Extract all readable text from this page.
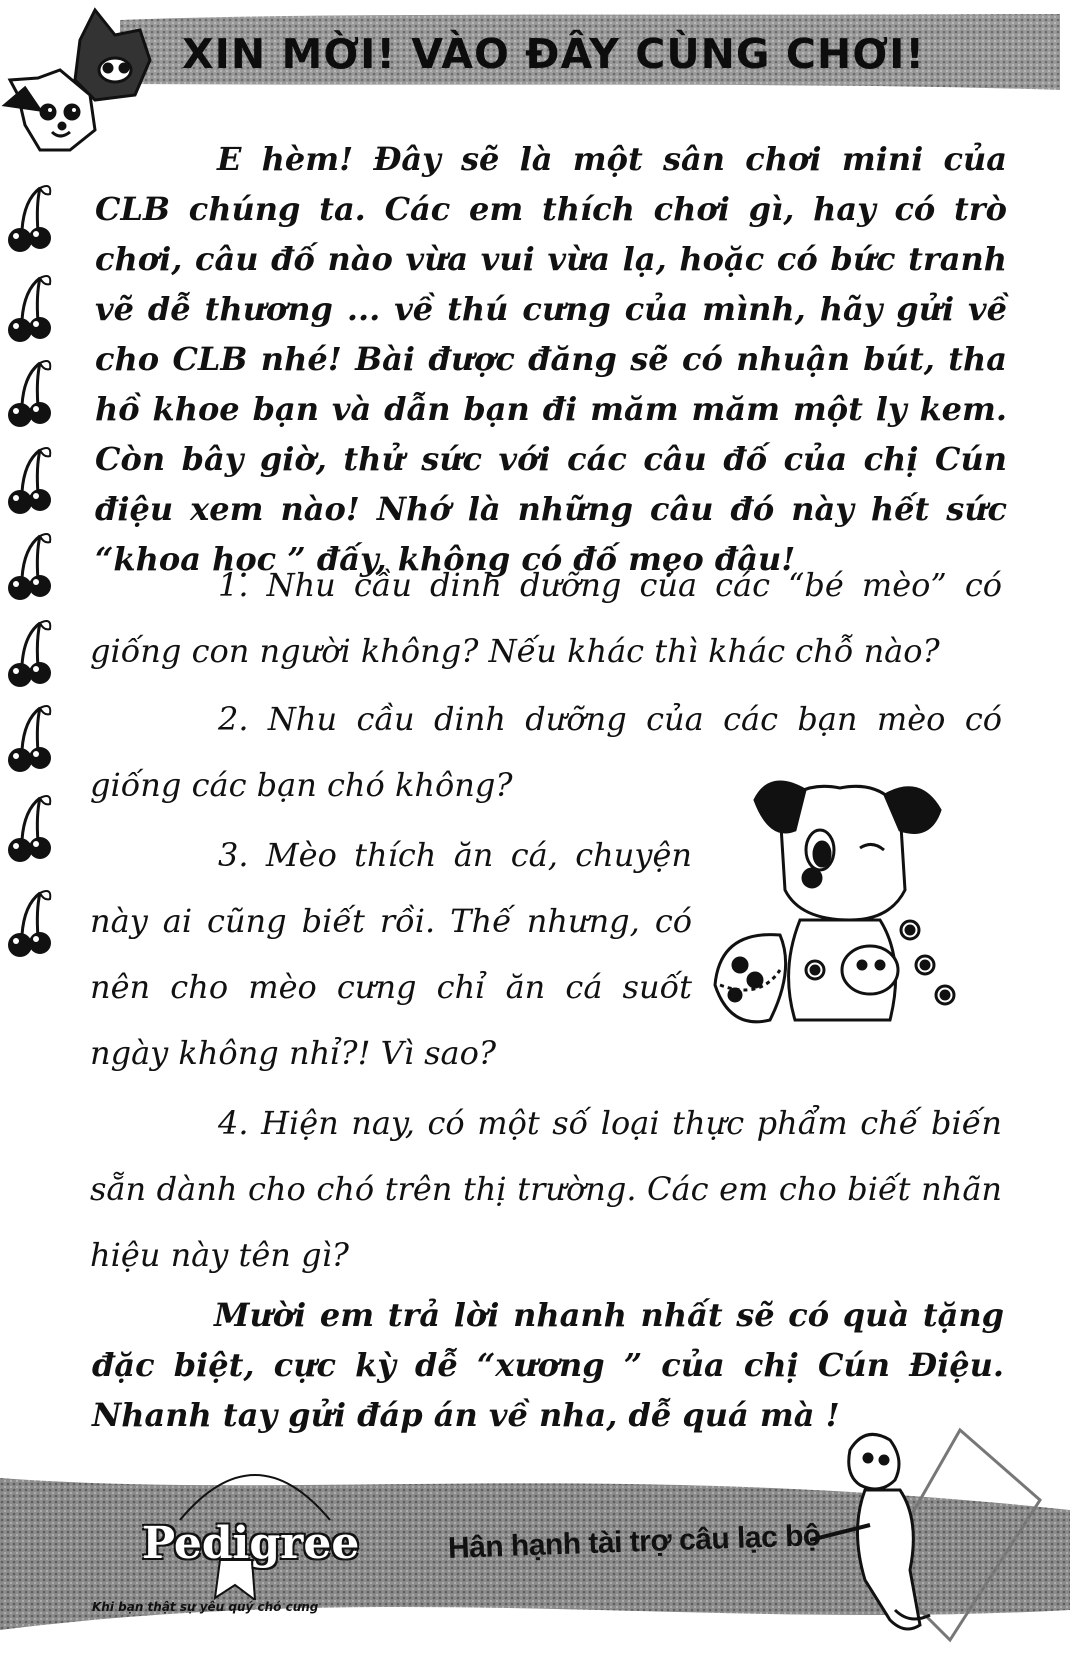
XIN MỜI! VÀO ĐÂY CÙNG CHƠI!

E hèm! Đây sẽ là một sân chơi mini của CLB chúng ta. Các em thích chơi gì, hay có trò chơi, câu đố nào vừa vui vừa lạ, hoặc có bức tranh vẽ dễ thương ... về thú cưng của mình, hãy gửi về cho CLB nhé! Bài được đăng sẽ có nhuận bút, tha hồ khoe bạn và dẫn bạn đi măm măm một ly kem. Còn bây giờ, thử sức với các câu đố của chị Cún điệu xem nào! Nhớ là những câu đó này hết sức “khoa học ” đấy, không có đố mẹo đâu!

1. Nhu cầu dinh dưỡng của các “bé mèo” có giống con người không? Nếu khác thì khác chỗ nào?

2. Nhu cầu dinh dưỡng của các bạn mèo có giống các bạn chó không?

3. Mèo thích ăn cá, chuyện này ai cũng biết rồi. Thế nhưng, có nên cho mèo cưng chỉ ăn cá suốt ngày không nhỉ?! Vì sao?

4. Hiện nay, có một số loại thực phẩm chế biến sẵn dành cho chó trên thị trường. Các em cho biết nhãn hiệu này tên gì?

Mười em trả lời nhanh nhất sẽ có quà tặng đặc biệt, cực kỳ dễ “xương ” của chị Cún Điệu. Nhanh tay gửi đáp án về nha, dễ quá mà !

Pedigree
Khi bạn thật sự yêu quý chó cưng
Hân hạnh tài trợ câu lạc bộ
